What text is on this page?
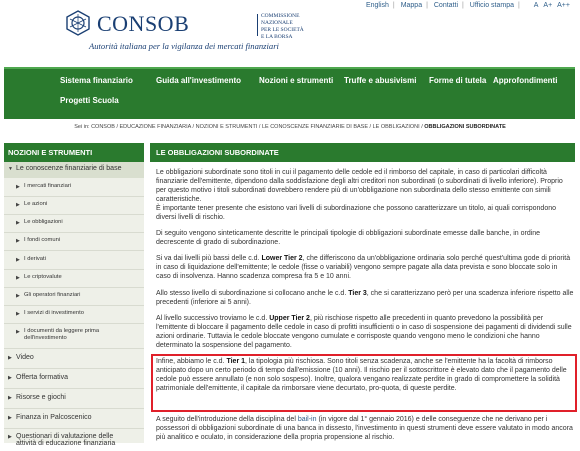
English | Mappa | Contatti | Ufficio stampa | A A+ A++
CONSOB	COMMISSIONE NAZIONALE
PER LE SOCIETÀ
E LA BORSA
Autorità italiana per la vigilanza dei mercati finanziari
Sistema finanziario	Guida all'investimento Nozioni e strumenti Truffe e abusivismi Forme di tutela Approfondimenti
Progetti Scuola
Sei in: CONSOB / EDUCAZIONE FINANZIARIA / NOZIONI E STRUMENTI / LE CONOSCENZE FINANZIARIE DI BASE / LE OBBLIGAZIONI / OBBLIGAZIONI SUBORDINATE
NOZIONI E STRUMENTI
▼ Le conoscenze finanziarie di base
▶ I mercati finanziari
▶ Le azioni
▶ Le obbligazioni
▶ I fondi comuni
▶ I derivati
▶ Le criptovalute
▶ Gli operatori finanziari
▶ I servizi di investimento
▶ I documenti da leggere prima
dell'investimento
▶ Video
▶ Offerta formativa
▶ Risorse e giochi
▶ Finanza in Palcoscenico
▶ Questionari di valutazione delle
attività di educazione finanziaria
LE OBBLIGAZIONI SUBORDINATE

Le obbligazioni subordinate sono titoli in cui il pagamento delle cedole ed il rimborso del capitale, in caso di particolari difficoltà finanziarie dell'emittente, dipendono dalla soddisfazione degli altri creditori non subordinati (o subordinati di livello inferiore). Proprio per questo motivo i titoli subordinati dovrebbero rendere più di un'obbligazione non subordinata dello stesso emittente con simili caratteristiche.

È importante tener presente che esistono vari livelli di subordinazione che possono caratterizzare un titolo, ai quali corrispondono diversi livelli di rischio.

Di seguito vengono sinteticamente descritte le principali tipologie di obbligazioni subordinate emesse dalle banche, in ordine decrescente di grado di subordinazione.

Si va dai livelli più bassi delle c.d. Lower Tier 2, che differiscono da un'obbligazione ordinaria solo perché quest'ultima gode di priorità in caso di liquidazione dell'emittente; le cedole (fisse o variabili) vengono sempre pagate alla data prevista e sono bloccate solo in caso di insolvenza. Hanno scadenza compresa fra 5 e 10 anni.

Allo stesso livello di subordinazione si collocano anche le c.d. Tier 3, che si caratterizzano però per una scadenza inferiore rispetto alle precedenti (inferiore ai 5 anni).

Al livello successivo troviamo le c.d. Upper Tier 2, più rischiose rispetto alle precedenti in quanto prevedono la possibilità per l'emittente di bloccare il pagamento delle cedole in caso di profitti insufficienti o in caso di sospensione dei pagamenti di dividendi sulle azioni ordinarie. Tuttavia le cedole bloccate vengono cumulate e corrisposte quando vengono meno le condizioni che hanno determinato la sospensione del pagamento.

Infine, abbiamo le c.d. Tier 1, la tipologia più rischiosa. Sono titoli senza scadenza, anche se l'emittente ha la facoltà di rimborso anticipato dopo un certo periodo di tempo dall'emissione (10 anni). Il rischio per il sottoscrittore è elevato dato che il pagamento delle cedole può essere annullato (e non solo sospeso). Inoltre, qualora vengano realizzate perdite in grado di compromettere la solidità patrimoniale dell'emittente, il capitale da rimborsare viene decurtato, pro-quota, di queste perdite.

A seguito dell'introduzione della disciplina del bail-in (in vigore dal 1° gennaio 2016) e delle conseguenze che ne derivano per i possessori di obbligazioni subordinate di una banca in dissesto, l'investimento in questi strumenti deve essere valutato in modo ancora più analitico e oculato, in considerazione della propria propensione al rischio.
